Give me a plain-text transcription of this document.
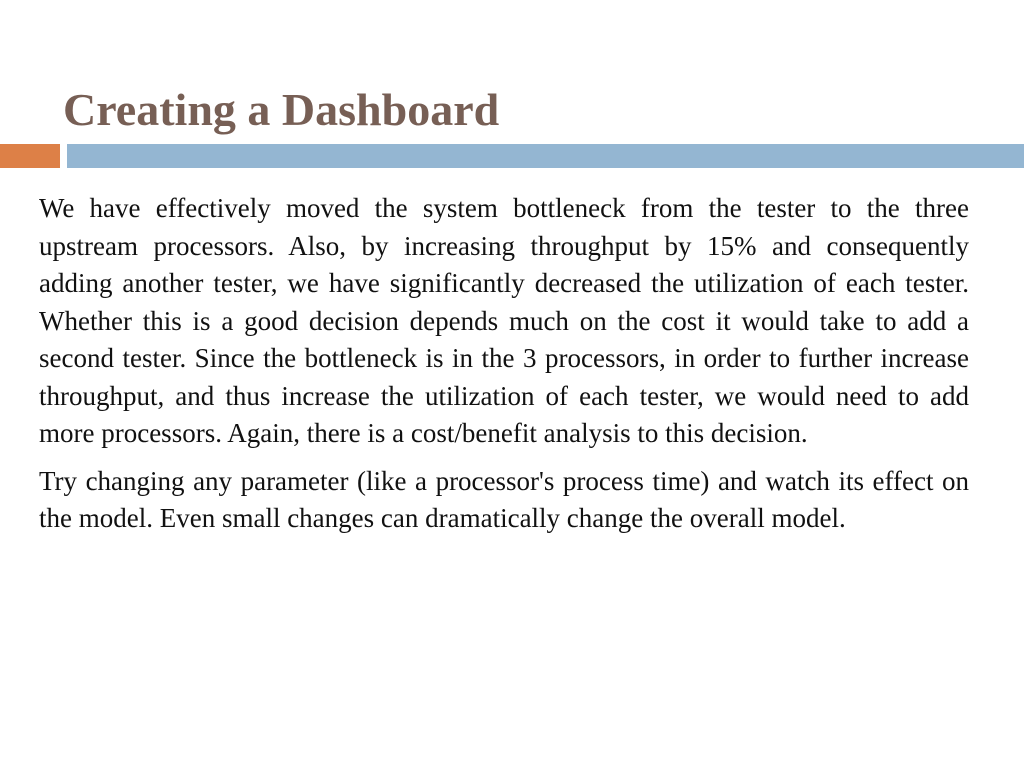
Creating a Dashboard

We have effectively moved the system bottleneck from the tester to the three upstream processors. Also, by increasing throughput by 15% and consequently adding another tester, we have significantly decreased the utilization of each tester. Whether this is a good decision depends much on the cost it would take to add a second tester. Since the bottleneck is in the 3 processors, in order to further increase throughput, and thus increase the utilization of each tester, we would need to add more processors. Again, there is a cost/benefit analysis to this decision.

Try changing any parameter (like a processor's process time) and watch its effect on the model. Even small changes can dramatically change the overall model.
